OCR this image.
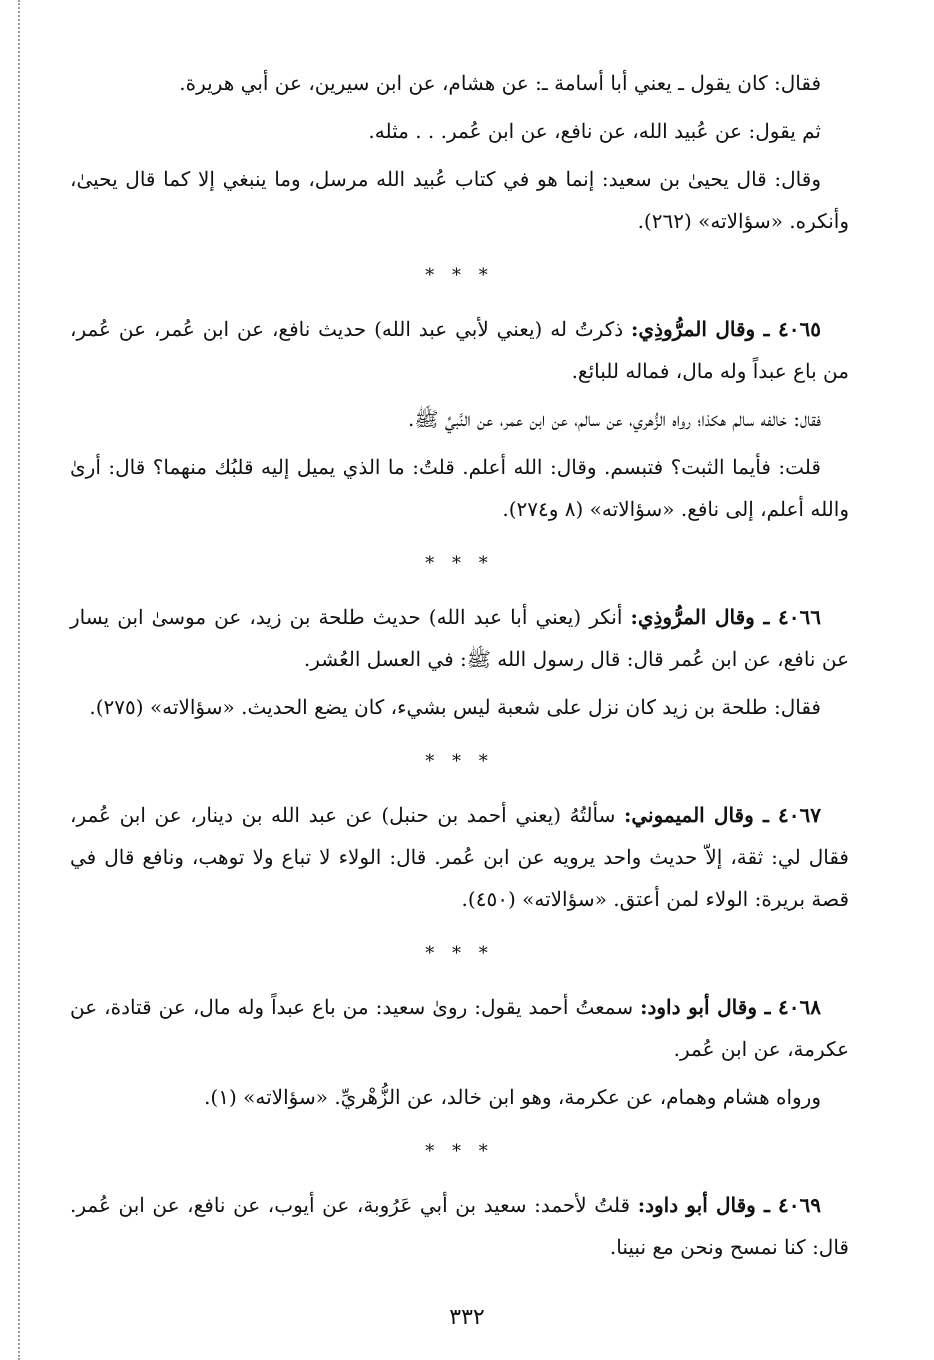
فقال: كان يقول ـ يعني أبا أسامة ـ: عن هشام، عن ابن سيرين، عن أبي هريرة.

ثم يقول: عن عُبيد الله، عن نافع، عن ابن عُمر. . . مثله.

وقال: قال يحيىٰ بن سعيد: إنما هو في كتاب عُبيد الله مرسل، وما ينبغي إلا كما قال يحيىٰ، وأنكره. «سؤالاته» (٢٦٢).

* * *

٤٠٦٥ ـ وقال المرُّوذِي: ذكرتُ له (يعني لأبي عبد الله) حديث نافع، عن ابن عُمر، عن عُمر، من باع عبداً وله مال، فماله للبائع.

فقال: خالفه سالم هكذا؛ رواه الزُّهري، عن سالم، عن ابن عمر، عن النَّبيِّ ﷺ.

قلت: فأيما الثبت؟ فتبسم. وقال: الله أعلم. قلتُ: ما الذي يميل إليه قلبُك منهما؟ قال: أرىٰ والله أعلم، إلى نافع. «سؤالاته» (٨ و٢٧٤).

* * *

٤٠٦٦ ـ وقال المرُّوذِي: أنكر (يعني أبا عبد الله) حديث طلحة بن زيد، عن موسىٰ ابن يسار عن نافع، عن ابن عُمر قال: قال رسول الله ﷺ: في العسل العُشر.

فقال: طلحة بن زيد كان نزل على شعبة ليس بشيء، كان يضع الحديث. «سؤالاته» (٢٧٥).

* * *

٤٠٦٧ ـ وقال الميموني: سألتُهُ (يعني أحمد بن حنبل) عن عبد الله بن دينار، عن ابن عُمر، فقال لي: ثقة، إلاّ حديث واحد يرويه عن ابن عُمر. قال: الولاء لا تباع ولا توهب، ونافع قال في قصة بريرة: الولاء لمن أعتق. «سؤالاته» (٤٥٠).

* * *

٤٠٦٨ ـ وقال أبو داود: سمعتُ أحمد يقول: روىٰ سعيد: من باع عبداً وله مال، عن قتادة، عن عكرمة، عن ابن عُمر.

ورواه هشام وهمام، عن عكرمة، وهو ابن خالد، عن الزُّهْريِّ. «سؤالاته» (١).

* * *

٤٠٦٩ ـ وقال أبو داود: قلتُ لأحمد: سعيد بن أبي عَرُوبة، عن أيوب، عن نافع، عن ابن عُمر. قال: كنا نمسح ونحن مع نبينا.

٣٣٢
